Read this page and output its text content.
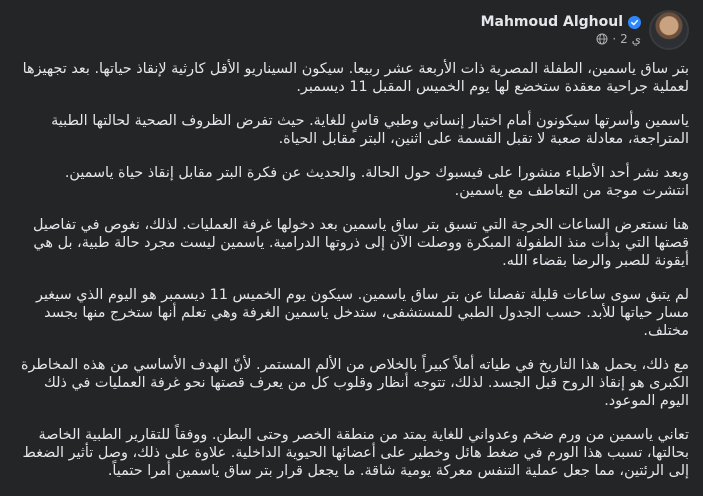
Mahmoud Alghoul
· 2 ي

بتر ساق ياسمين، الطفلة المصرية ذات الأربعة عشر ربيعا. سيكون السيناريو الأقل كارثية لإنقاذ حياتها. بعد تجهيزها لعملية جراحية معقدة ستخضع لها يوم الخميس المقبل 11 ديسمبر.

ياسمين وأسرتها سيكونون أمام اختبار إنساني وطبي قاسٍ للغاية. حيث تفرض الظروف الصحية لحالتها الطبية المتراجعة، معادلة صعبة لا تقبل القسمة على اثنين، البتر مقابل الحياة.

وبعد نشر أحد الأطباء منشورا على فيسبوك حول الحالة. والحديث عن فكرة البتر مقابل إنقاذ حياة ياسمين. انتشرت موجة من التعاطف مع ياسمين.

هنا نستعرض الساعات الحرجة التي تسبق بتر ساق ياسمين بعد دخولها غرفة العمليات. لذلك، نغوص في تفاصيل قصتها التي بدأت منذ الطفولة المبكرة ووصلت الآن إلى ذروتها الدرامية. ياسمين ليست مجرد حالة طبية، بل هي أيقونة للصبر والرضا بقضاء الله.

لم يتبق سوى ساعات قليلة تفصلنا عن بتر ساق ياسمين. سيكون يوم الخميس 11 ديسمبر هو اليوم الذي سيغير مسار حياتها للأبد. حسب الجدول الطبي للمستشفى، ستدخل ياسمين الغرفة وهي تعلم أنها ستخرج منها بجسد مختلف.

مع ذلك، يحمل هذا التاريخ في طياته أملاً كبيراً بالخلاص من الألم المستمر. لأنّ الهدف الأساسي من هذه المخاطرة الكبرى هو إنقاذ الروح قبل الجسد. لذلك، تتوجه أنظار وقلوب كل من يعرف قصتها نحو غرفة العمليات في ذلك اليوم الموعود.

تعاني ياسمين من ورم ضخم وعدواني للغاية يمتد من منطقة الخصر وحتى البطن. ووفقاً للتقارير الطبية الخاصة بحالتها، تسبب هذا الورم في ضغط هائل وخطير على أعضائها الحيوية الداخلية. علاوة على ذلك، وصل تأثير الضغط إلى الرئتين، مما جعل عملية التنفس معركة يومية شاقة. ما يجعل قرار بتر ساق ياسمين أمرا حتمياً.
